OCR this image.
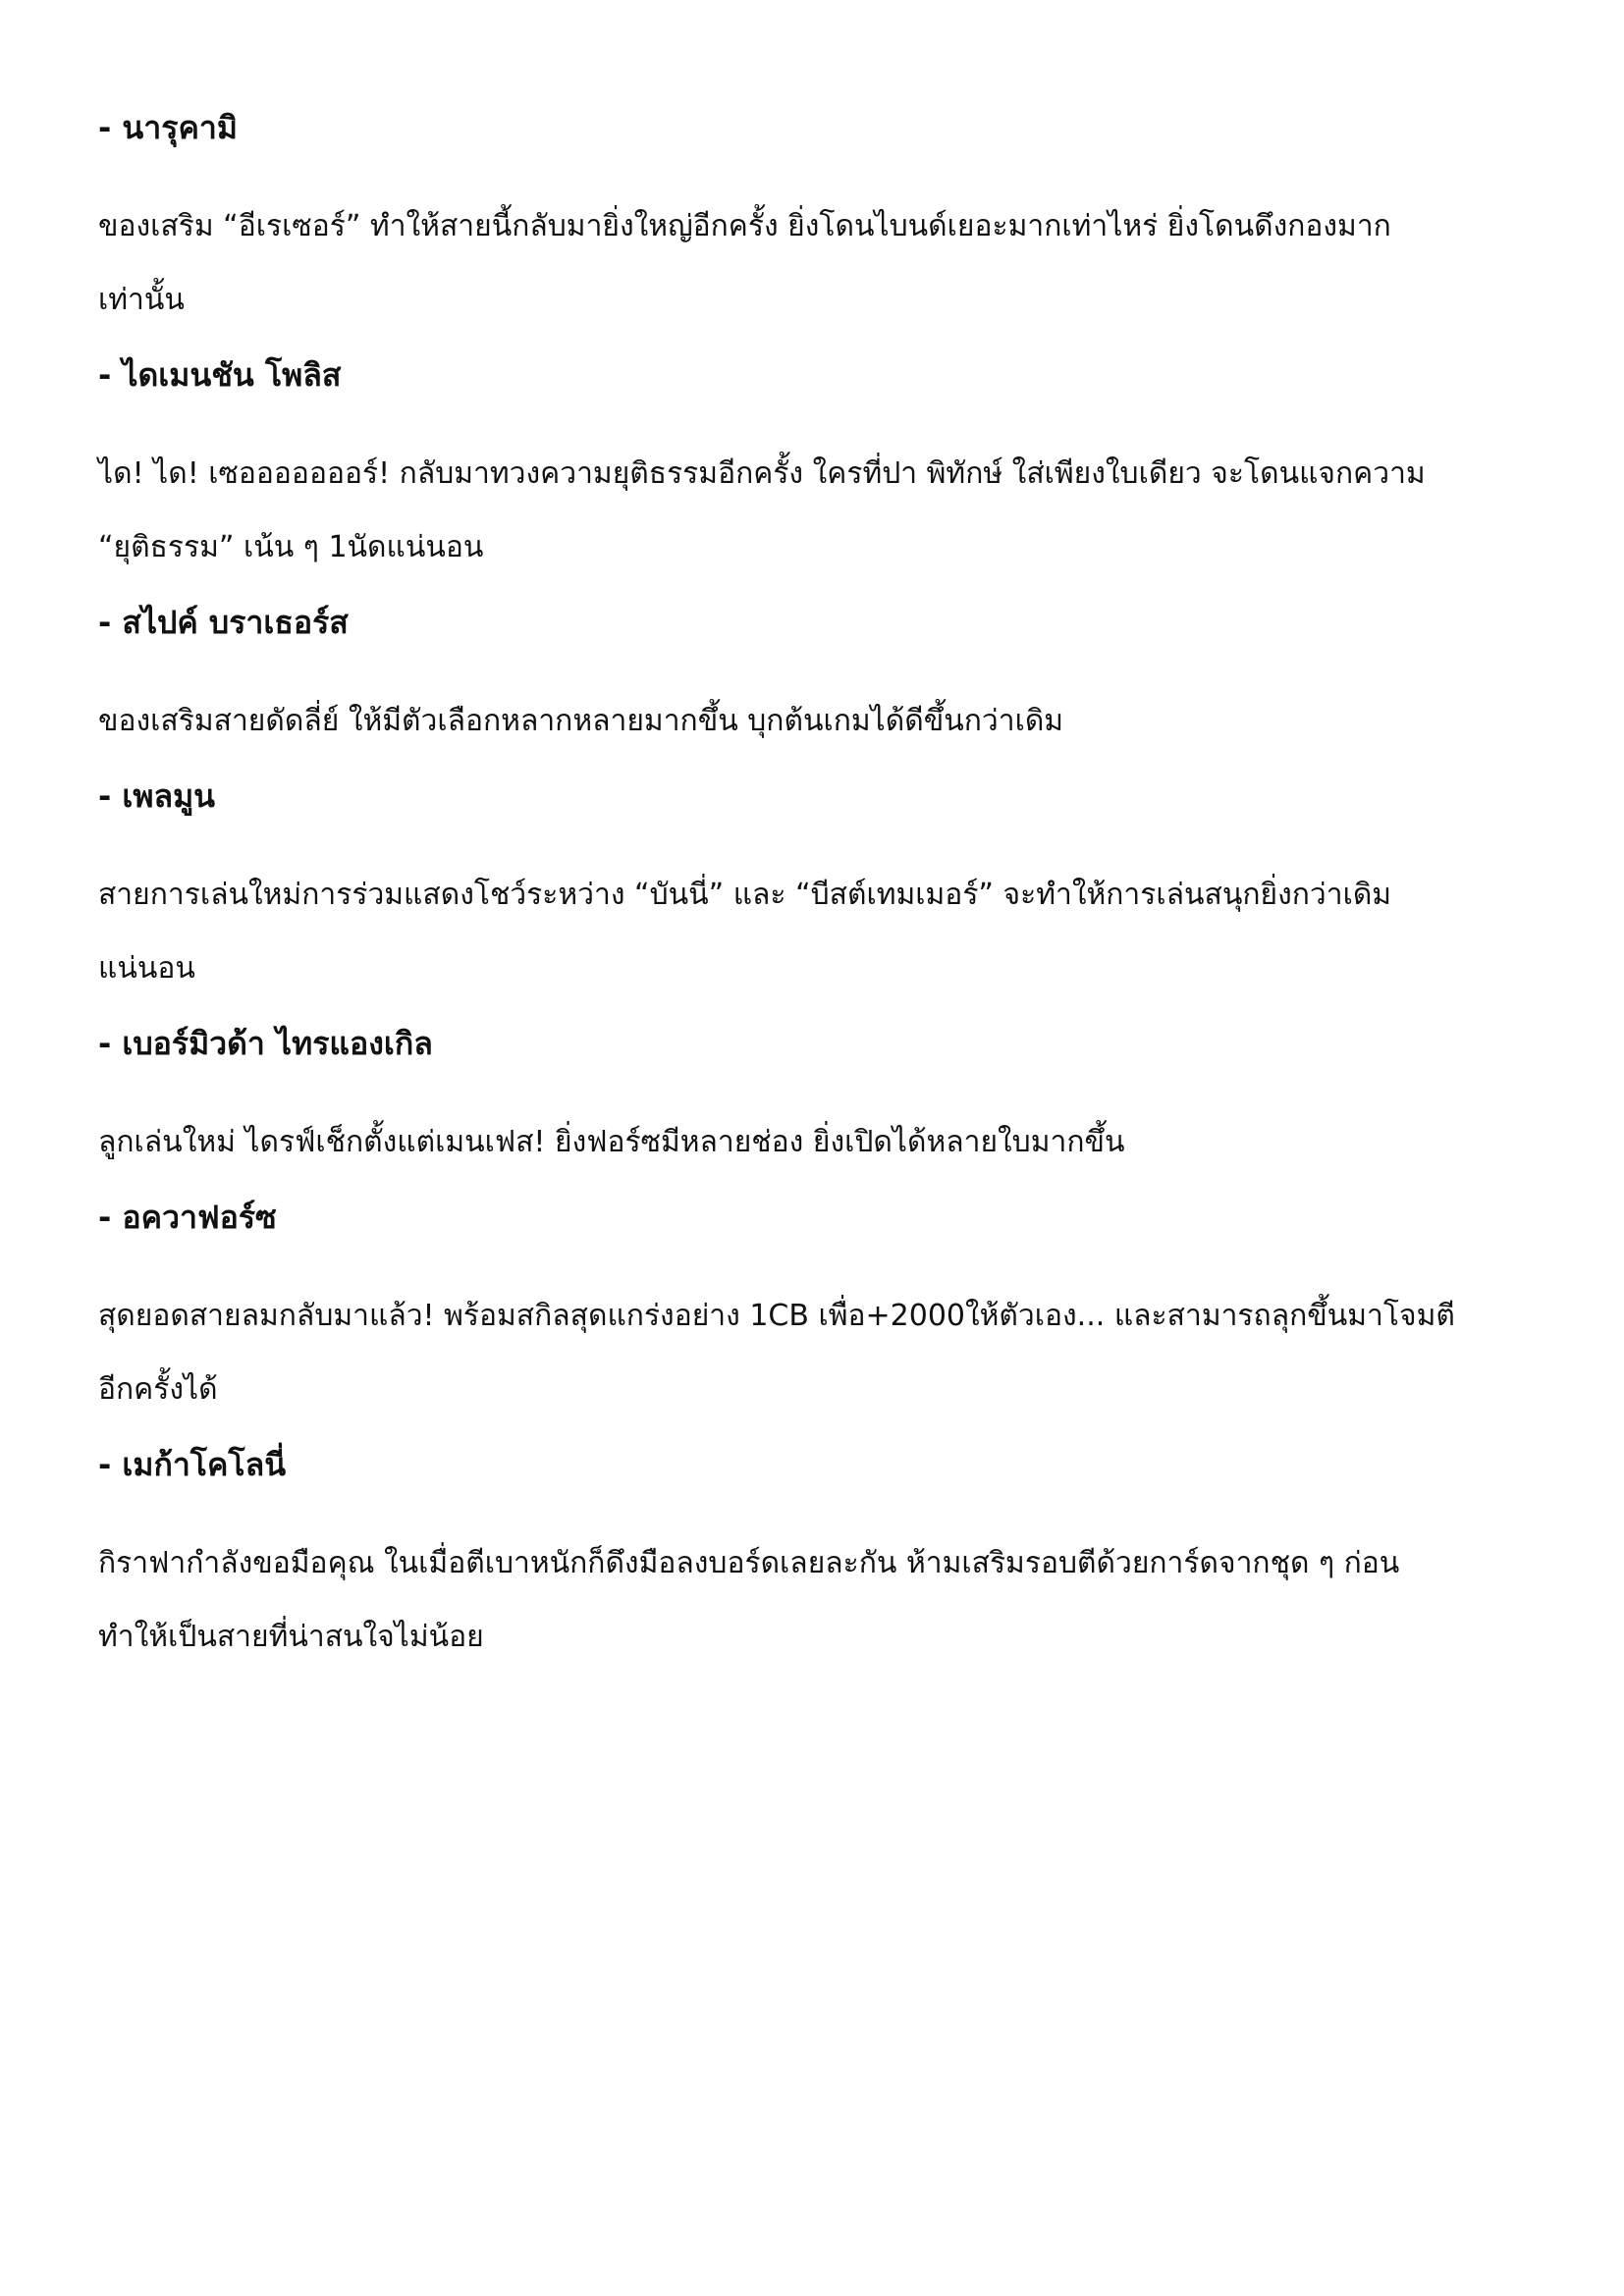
- นารุคามิ
ของเสริม “อีเรเซอร์” ทำให้สายนี้กลับมายิ่งใหญ่อีกครั้ง ยิ่งโดนไบนด์เยอะมากเท่าไหร่ ยิ่งโดนดึงกองมาก
เท่านั้น
- ไดเมนชัน โพลิส
ได! ได! เซอออออออร์! กลับมาทวงความยุติธรรมอีกครั้ง ใครที่ปา พิทักษ์ ใส่เพียงใบเดียว จะโดนแจกความ
“ยุติธรรม” เน้น ๆ 1นัดแน่นอน
- สไปค์ บราเธอร์ส
ของเสริมสายดัดลี่ย์ ให้มีตัวเลือกหลากหลายมากขึ้น บุกต้นเกมได้ดีขึ้นกว่าเดิม
- เพลมูน
สายการเล่นใหม่การร่วมแสดงโชว์ระหว่าง “บันนี่” และ “บีสต์เทมเมอร์” จะทำให้การเล่นสนุกยิ่งกว่าเดิม
แน่นอน
- เบอร์มิวด้า ไทรแองเกิล
ลูกเล่นใหม่ ไดรฟ์เช็กตั้งแต่เมนเฟส! ยิ่งฟอร์ซมีหลายช่อง ยิ่งเปิดได้หลายใบมากขึ้น
- อควาฟอร์ซ
สุดยอดสายลมกลับมาแล้ว! พร้อมสกิลสุดแกร่งอย่าง 1CB เพื่อ+2000ให้ตัวเอง... และสามารถลุกขึ้นมาโจมตี
อีกครั้งได้
- เมก้าโคโลนี่
กิราฟากำลังขอมือคุณ ในเมื่อตีเบาหนักก็ดึงมือลงบอร์ดเลยละกัน ห้ามเสริมรอบตีด้วยการ์ดจากชุด ๆ ก่อน
ทำให้เป็นสายที่น่าสนใจไม่น้อย
